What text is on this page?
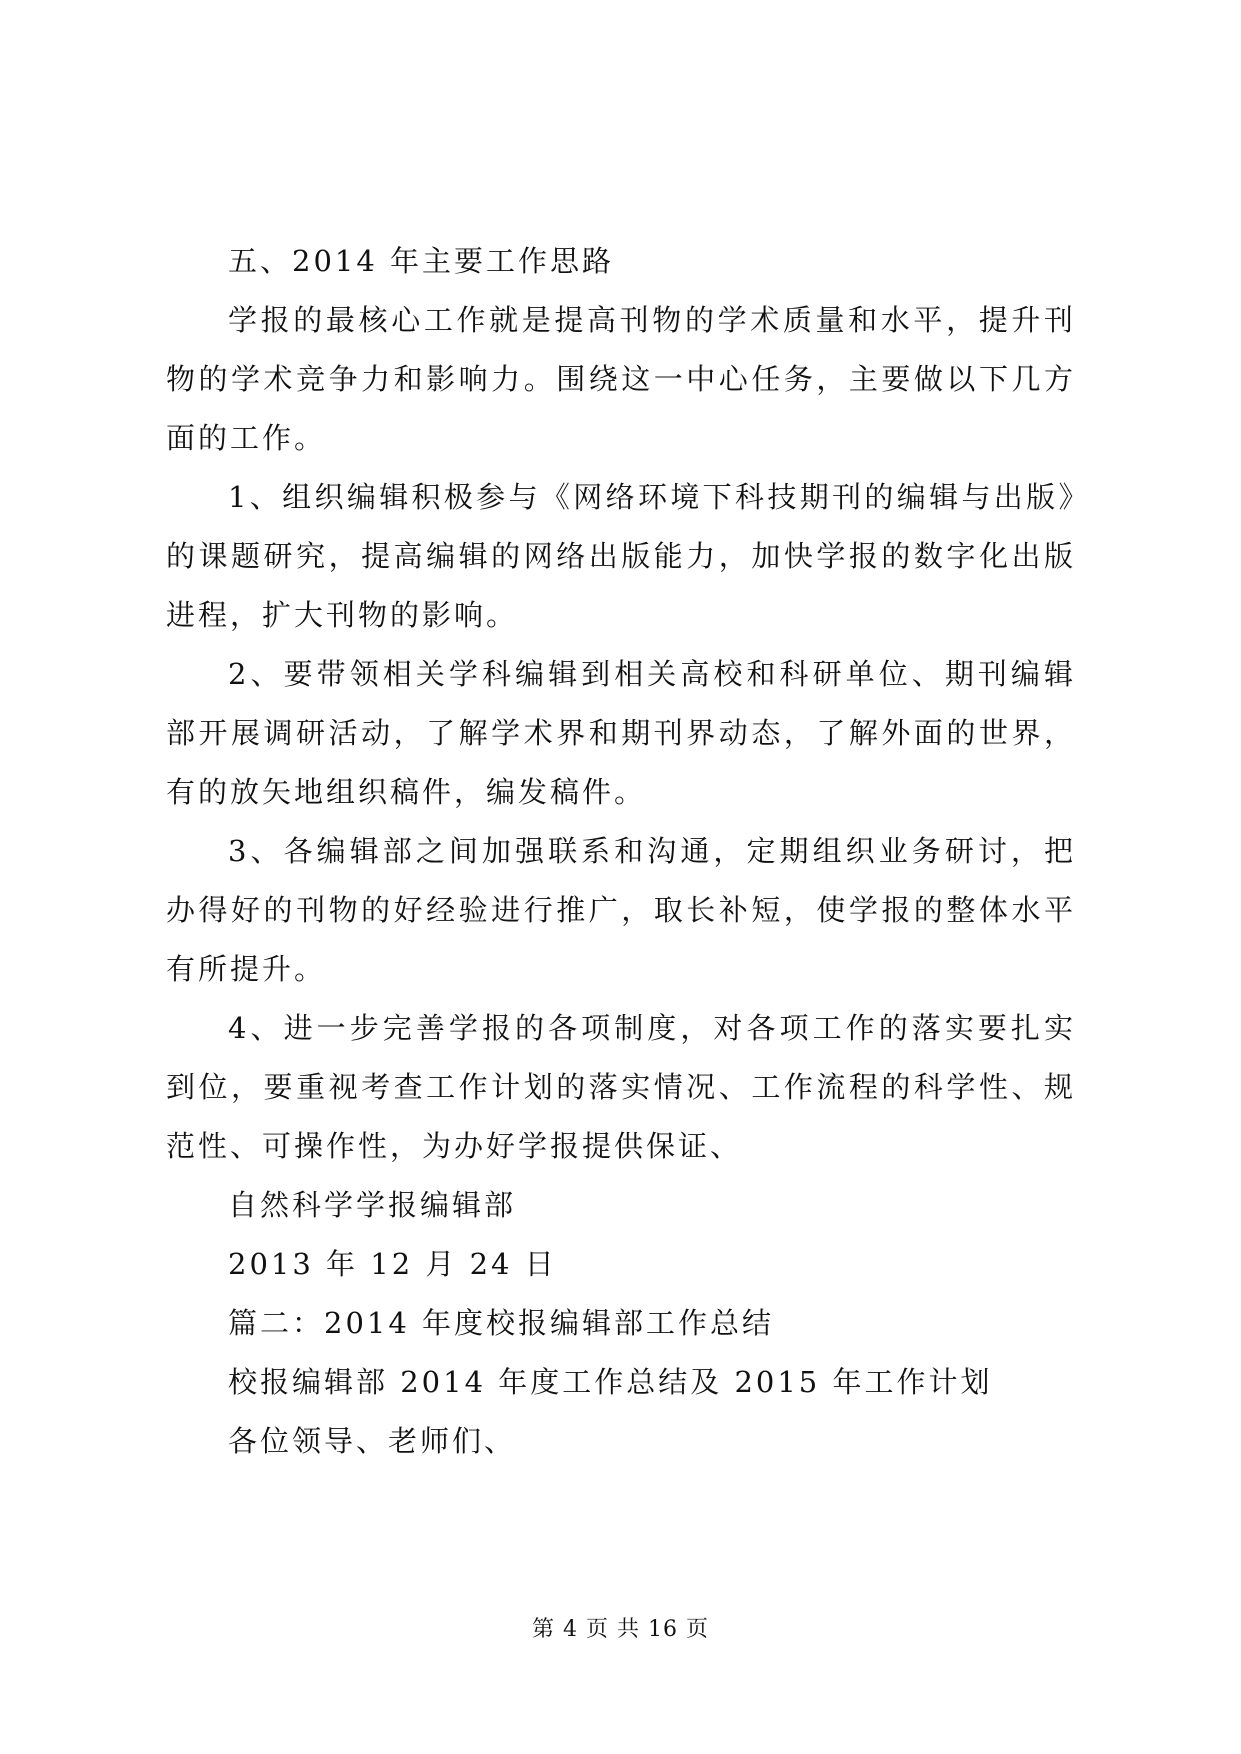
五、2014 年主要工作思路

学报的最核心工作就是提高刊物的学术质量和水平，提升刊物的学术竞争力和影响力。围绕这一中心任务，主要做以下几方面的工作。

1、组织编辑积极参与《网络环境下科技期刊的编辑与出版》的课题研究，提高编辑的网络出版能力，加快学报的数字化出版进程，扩大刊物的影响。

2、要带领相关学科编辑到相关高校和科研单位、期刊编辑部开展调研活动，了解学术界和期刊界动态，了解外面的世界，有的放矢地组织稿件，编发稿件。

3、各编辑部之间加强联系和沟通，定期组织业务研讨，把办得好的刊物的好经验进行推广，取长补短，使学报的整体水平有所提升。

4、进一步完善学报的各项制度，对各项工作的落实要扎实到位，要重视考查工作计划的落实情况、工作流程的科学性、规范性、可操作性，为办好学报提供保证、

自然科学学报编辑部

2013 年 12 月 24 日

篇二：2014 年度校报编辑部工作总结

校报编辑部 2014 年度工作总结及 2015 年工作计划

各位领导、老师们、

第 4 页 共 16 页
